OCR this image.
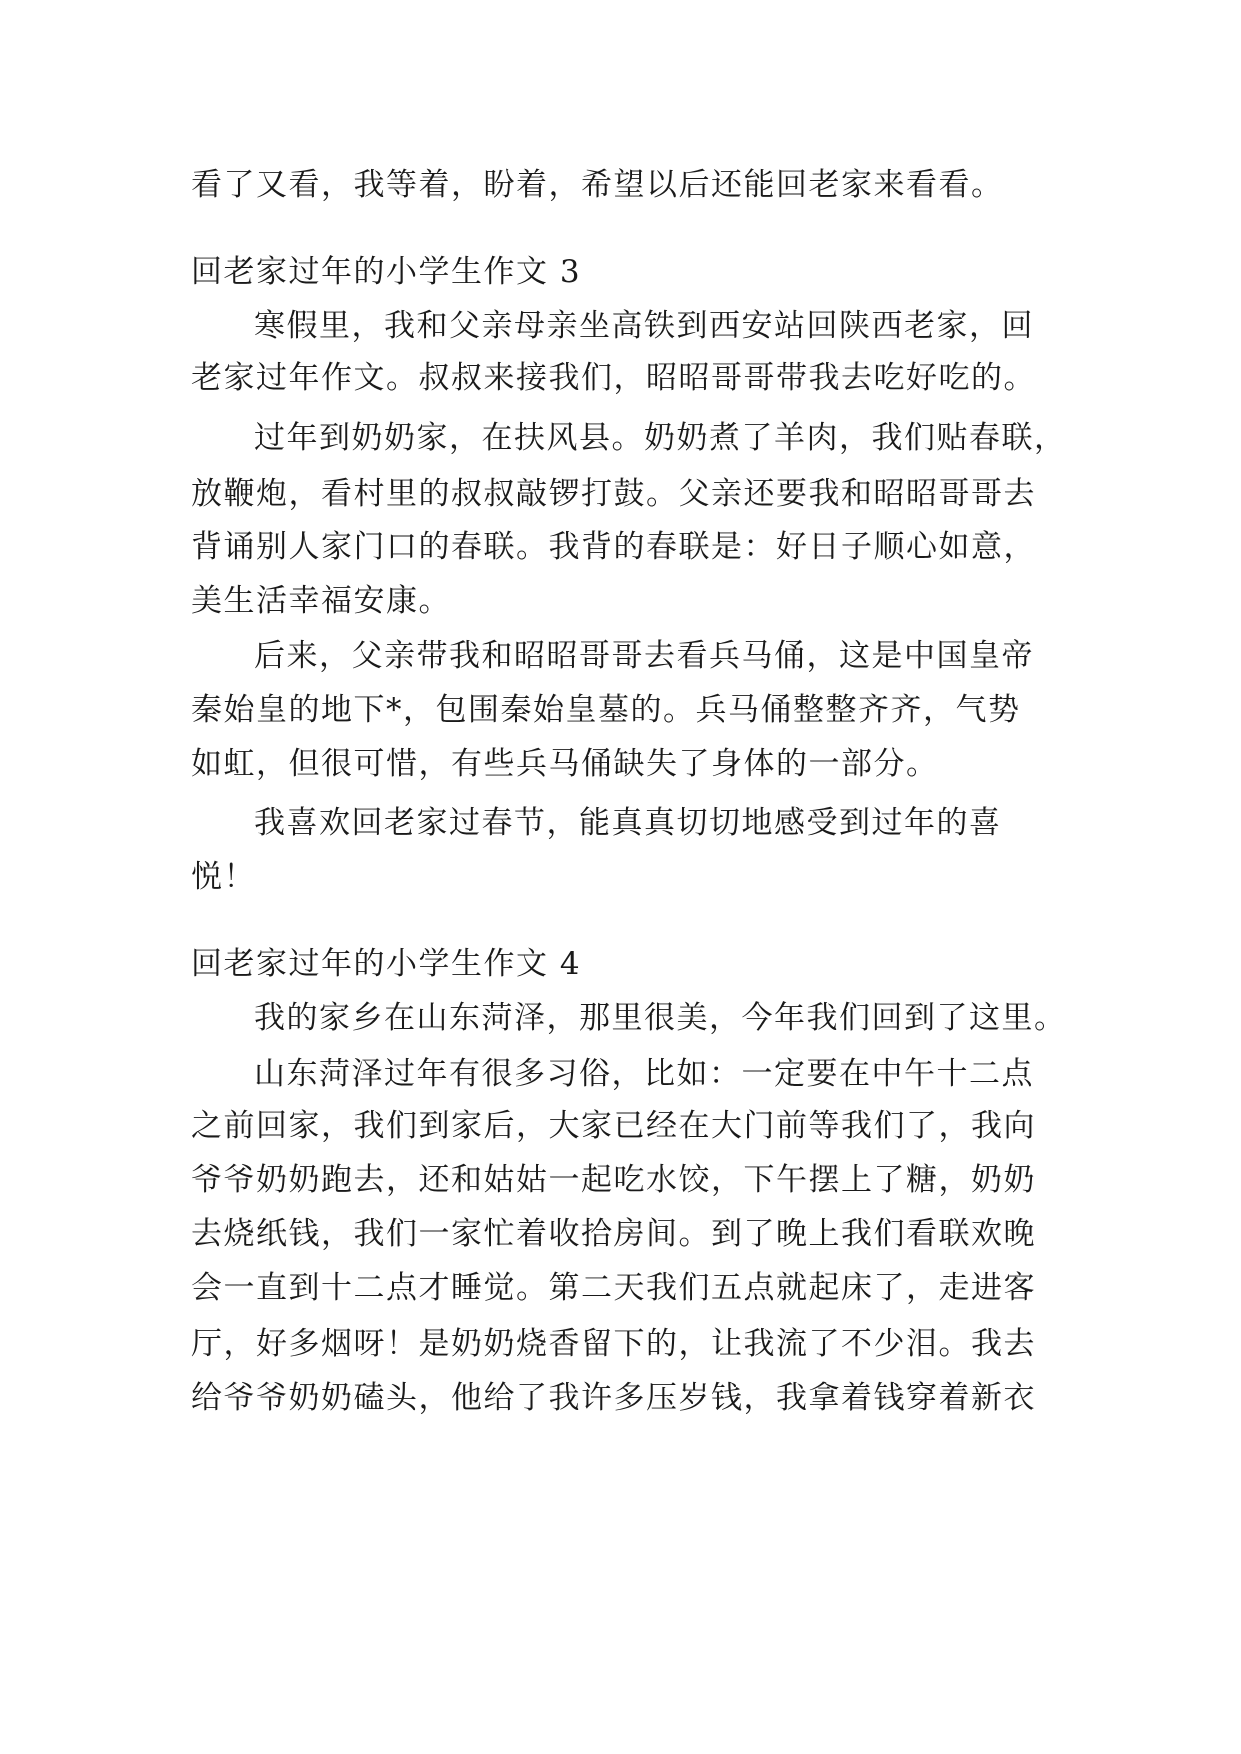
看了又看，我等着，盼着，希望以后还能回老家来看看。
回老家过年的小学生作文 3
寒假里，我和父亲母亲坐高铁到西安站回陕西老家，回
老家过年作文。叔叔来接我们，昭昭哥哥带我去吃好吃的。
过年到奶奶家，在扶风县。奶奶煮了羊肉，我们贴春联，
放鞭炮，看村里的叔叔敲锣打鼓。父亲还要我和昭昭哥哥去
背诵别人家门口的春联。我背的春联是：好日子顺心如意，
美生活幸福安康。
后来，父亲带我和昭昭哥哥去看兵马俑，这是中国皇帝
秦始皇的地下*，包围秦始皇墓的。兵马俑整整齐齐，气势
如虹，但很可惜，有些兵马俑缺失了身体的一部分。
我喜欢回老家过春节，能真真切切地感受到过年的喜
悦！
回老家过年的小学生作文 4
我的家乡在山东菏泽，那里很美，今年我们回到了这里。
山东菏泽过年有很多习俗，比如：一定要在中午十二点
之前回家，我们到家后，大家已经在大门前等我们了，我向
爷爷奶奶跑去，还和姑姑一起吃水饺，下午摆上了糖，奶奶
去烧纸钱，我们一家忙着收拾房间。到了晚上我们看联欢晚
会一直到十二点才睡觉。第二天我们五点就起床了，走进客
厅，好多烟呀！是奶奶烧香留下的，让我流了不少泪。我去
给爷爷奶奶磕头，他给了我许多压岁钱，我拿着钱穿着新衣
